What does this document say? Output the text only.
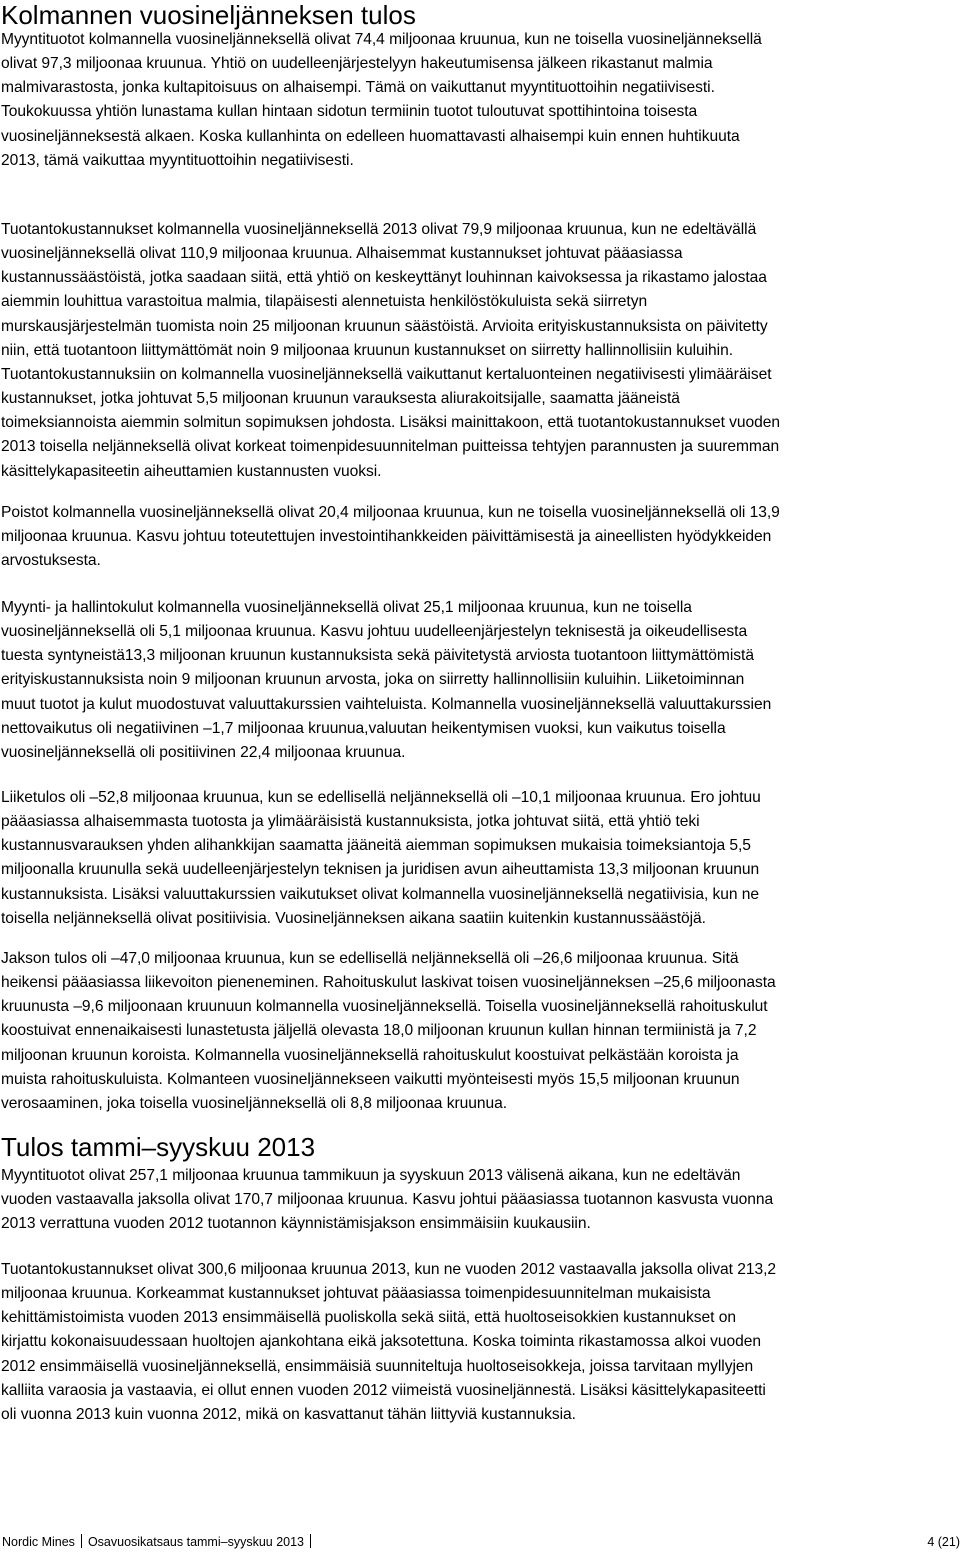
Kolmannen vuosineljänneksen tulos

Myyntituotot kolmannella vuosineljänneksellä olivat 74,4 miljoonaa kruunua, kun ne toisella vuosineljänneksellä
olivat 97,3 miljoonaa kruunua. Yhtiö on uudelleenjärjestelyyn hakeutumisensa jälkeen rikastanut malmia
malmivarastosta, jonka kultapitoisuus on alhaisempi. Tämä on vaikuttanut myyntituottoihin negatiivisesti.
Toukokuussa yhtiön lunastama kullan hintaan sidotun termiinin tuotot tuloutuvat spottihintoina toisesta
vuosineljänneksestä alkaen. Koska kullanhinta on edelleen huomattavasti alhaisempi kuin ennen huhtikuuta
2013, tämä vaikuttaa myyntituottoihin negatiivisesti.

Tuotantokustannukset kolmannella vuosineljänneksellä 2013 olivat 79,9 miljoonaa kruunua, kun ne edeltävällä
vuosineljänneksellä olivat 110,9 miljoonaa kruunua. Alhaisemmat kustannukset johtuvat pääasiassa
kustannussäästöistä, jotka saadaan siitä, että yhtiö on keskeyttänyt louhinnan kaivoksessa ja rikastamo jalostaa
aiemmin louhittua varastoitua malmia, tilapäisesti alennetuista henkilöstökuluista sekä siirretyn
murskausjärjestelmän tuomista noin 25 miljoonan kruunun säästöistä. Arvioita erityiskustannuksista on päivitetty
niin, että tuotantoon liittymättömät noin 9 miljoonaa kruunun kustannukset on siirretty hallinnollisiin kuluihin.
Tuotantokustannuksiin on kolmannella vuosineljänneksellä vaikuttanut kertaluonteinen negatiivisesti ylimääräiset
kustannukset, jotka johtuvat 5,5 miljoonan kruunun varauksesta aliurakoitsijalle, saamatta jääneistä
toimeksiannoista aiemmin solmitun sopimuksen johdosta. Lisäksi mainittakoon, että tuotantokustannukset vuoden
2013 toisella neljänneksellä olivat korkeat toimenpidesuunnitelman puitteissa tehtyjen parannusten ja suuremman
käsittelykapasiteetin aiheuttamien kustannusten vuoksi.

Poistot kolmannella vuosineljänneksellä olivat 20,4 miljoonaa kruunua, kun ne toisella vuosineljänneksellä oli 13,9
miljoonaa kruunua. Kasvu johtuu toteutettujen investointihankkeiden päivittämisestä ja aineellisten hyödykkeiden
arvostuksesta.

Myynti- ja hallintokulut kolmannella vuosineljänneksellä olivat 25,1 miljoonaa kruunua, kun ne toisella
vuosineljänneksellä oli 5,1 miljoonaa kruunua. Kasvu johtuu uudelleenjärjestelyn teknisestä ja oikeudellisesta
tuesta syntyneistä13,3 miljoonan kruunun kustannuksista sekä päivitetystä arviosta tuotantoon liittymättömistä
erityiskustannuksista noin 9 miljoonan kruunun arvosta, joka on siirretty hallinnollisiin kuluihin. Liiketoiminnan
muut tuotot ja kulut muodostuvat valuuttakurssien vaihteluista. Kolmannella vuosineljänneksellä valuuttakurssien
nettovaikutus oli negatiivinen –1,7 miljoonaa kruunua,valuutan heikentymisen vuoksi, kun vaikutus toisella
vuosineljänneksellä oli positiivinen 22,4 miljoonaa kruunua.

Liiketulos oli –52,8 miljoonaa kruunua, kun se edellisellä neljänneksellä oli –10,1 miljoonaa kruunua. Ero johtuu
pääasiassa alhaisemmasta tuotosta ja ylimääräisistä kustannuksista, jotka johtuvat siitä, että yhtiö teki
kustannusvarauksen yhden alihankkijan saamatta jääneitä aiemman sopimuksen mukaisia toimeksiantoja 5,5
miljoonalla kruunulla sekä uudelleenjärjestelyn teknisen ja juridisen avun aiheuttamista 13,3 miljoonan kruunun
kustannuksista. Lisäksi valuuttakurssien vaikutukset olivat kolmannella vuosineljänneksellä negatiivisia, kun ne
toisella neljänneksellä olivat positiivisia. Vuosineljänneksen aikana saatiin kuitenkin kustannussäästöjä.

Jakson tulos oli –47,0 miljoonaa kruunua, kun se edellisellä neljänneksellä oli –26,6 miljoonaa kruunua. Sitä
heikensi pääasiassa liikevoiton pieneneminen. Rahoituskulut laskivat toisen vuosineljänneksen –25,6 miljoonasta
kruunusta –9,6 miljoonaan kruunuun kolmannella vuosineljänneksellä. Toisella vuosineljänneksellä rahoituskulut
koostuivat ennenaikaisesti lunastetusta jäljellä olevasta 18,0 miljoonan kruunun kullan hinnan termiinistä ja 7,2
miljoonan kruunun koroista. Kolmannella vuosineljänneksellä rahoituskulut koostuivat pelkästään koroista ja
muista rahoituskuluista. Kolmanteen vuosineljännekseen vaikutti myönteisesti myös 15,5 miljoonan kruunun
verosaaminen, joka toisella vuosineljänneksellä oli 8,8 miljoonaa kruunua.

Tulos tammi–syyskuu 2013

Myyntituotot olivat 257,1 miljoonaa kruunua tammikuun ja syyskuun 2013 välisenä aikana, kun ne edeltävän
vuoden vastaavalla jaksolla olivat 170,7 miljoonaa kruunua. Kasvu johtui pääasiassa tuotannon kasvusta vuonna
2013 verrattuna vuoden 2012 tuotannon käynnistämisjakson ensimmäisiin kuukausiin.

Tuotantokustannukset olivat 300,6 miljoonaa kruunua 2013, kun ne vuoden 2012 vastaavalla jaksolla olivat 213,2
miljoonaa kruunua. Korkeammat kustannukset johtuvat pääasiassa toimenpidesuunnitelman mukaisista
kehittämistoimista vuoden 2013 ensimmäisellä puoliskolla sekä siitä, että huoltoseisokkien kustannukset on
kirjattu kokonaisuudessaan huoltojen ajankohtana eikä jaksotettuna. Koska toiminta rikastamossa alkoi vuoden
2012 ensimmäisellä vuosineljänneksellä, ensimmäisiä suunniteltuja huoltoseisokkeja, joissa tarvitaan myllyjen
kalliita varaosia ja vastaavia, ei ollut ennen vuoden 2012 viimeistä vuosineljännestä. Lisäksi käsittelykapasiteetti
oli vuonna 2013 kuin vuonna 2012, mikä on kasvattanut tähän liittyviä kustannuksia.

Nordic Mines Osavuosikatsaus tammi–syyskuu 2013	4 (21)
